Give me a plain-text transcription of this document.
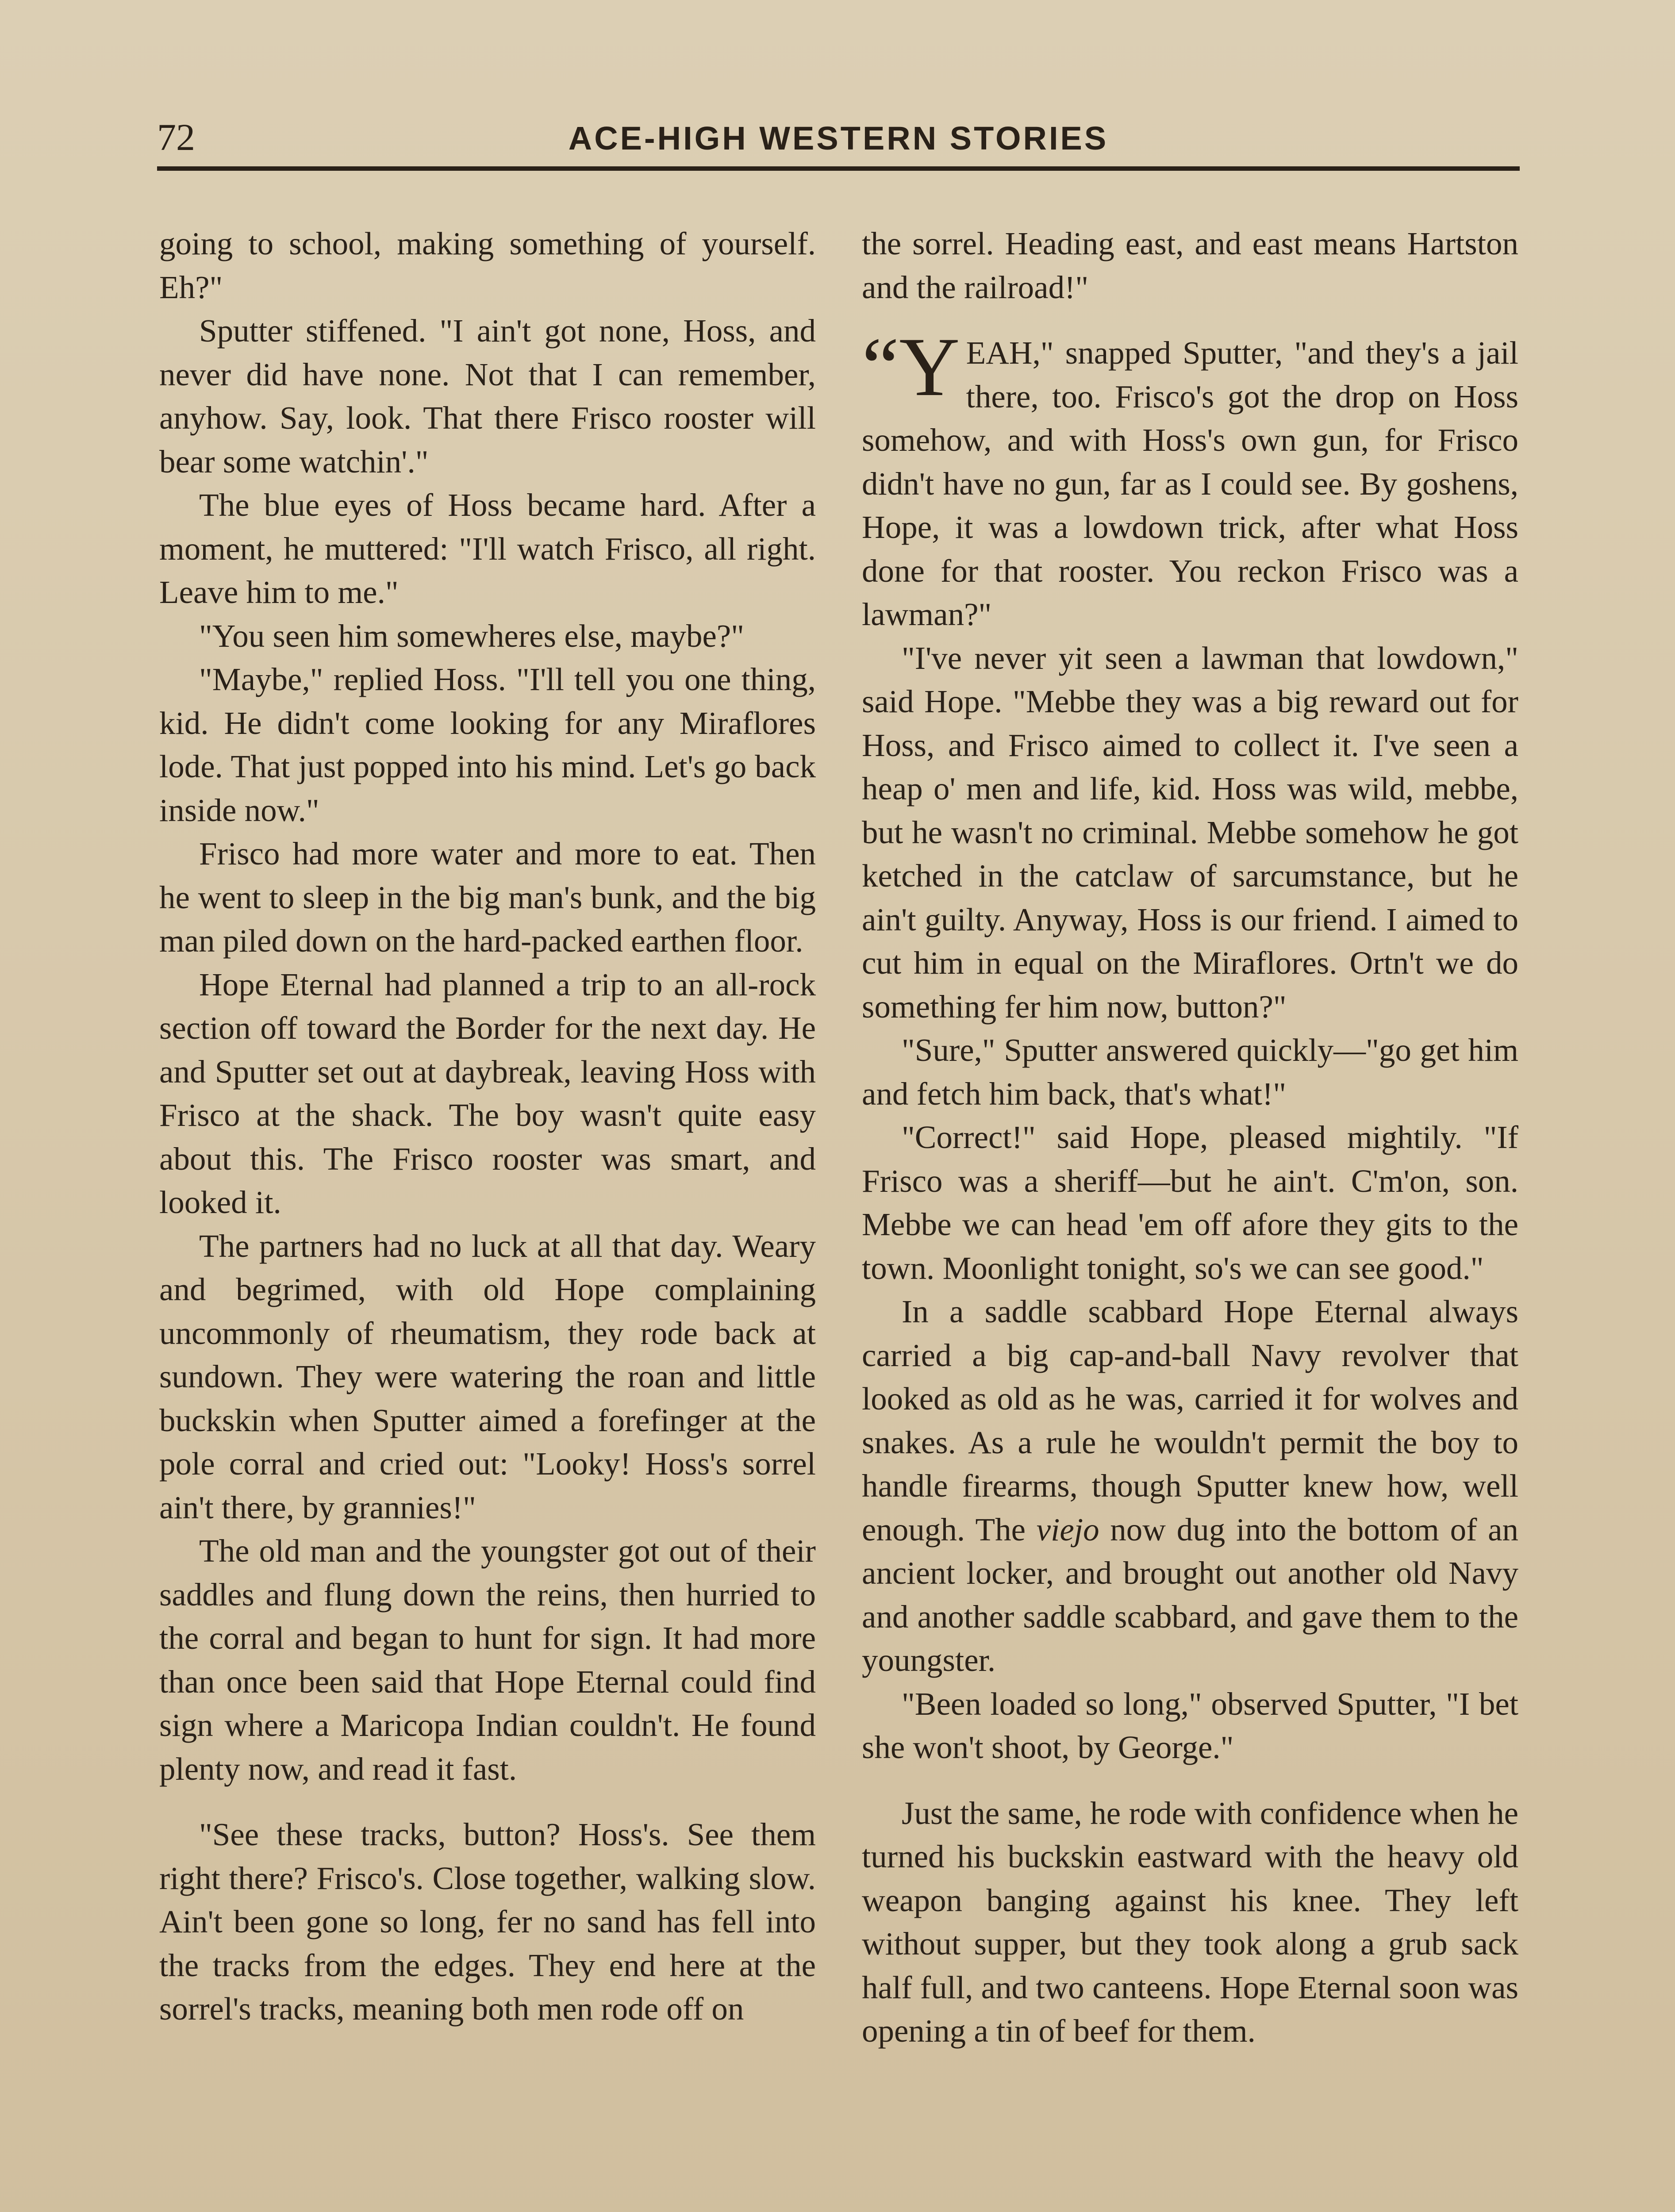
72	ACE-HIGH WESTERN STORIES

going to school, making something of yourself. Eh?"

Sputter stiffened. "I ain't got none, Hoss, and never did have none. Not that I can remember, anyhow. Say, look. That there Frisco rooster will bear some watchin'."

The blue eyes of Hoss became hard. After a moment, he muttered: "I'll watch Frisco, all right. Leave him to me."

"You seen him somewheres else, maybe?"

"Maybe," replied Hoss. "I'll tell you one thing, kid. He didn't come looking for any Miraflores lode. That just popped into his mind. Let's go back inside now."

Frisco had more water and more to eat. Then he went to sleep in the big man's bunk, and the big man piled down on the hard-packed earthen floor.

Hope Eternal had planned a trip to an all-rock section off toward the Border for the next day. He and Sputter set out at daybreak, leaving Hoss with Frisco at the shack. The boy wasn't quite easy about this. The Frisco rooster was smart, and looked it.

The partners had no luck at all that day. Weary and begrimed, with old Hope complaining uncommonly of rheumatism, they rode back at sundown. They were watering the roan and little buckskin when Sputter aimed a forefinger at the pole corral and cried out: "Looky! Hoss's sorrel ain't there, by grannies!"

The old man and the youngster got out of their saddles and flung down the reins, then hurried to the corral and began to hunt for sign. It had more than once been said that Hope Eternal could find sign where a Maricopa Indian couldn't. He found plenty now, and read it fast.

"See these tracks, button? Hoss's. See them right there? Frisco's. Close together, walking slow. Ain't been gone so long, fer no sand has fell into the tracks from the edges. They end here at the sorrel's tracks, meaning both men rode off on

the sorrel. Heading east, and east means Hartston and the railroad!"

“Y EAH," snapped Sputter, "and they's a jail there, too. Frisco's got the drop on Hoss somehow, and with Hoss's own gun, for Frisco didn't have no gun, far as I could see. By goshens, Hope, it was a lowdown trick, after what Hoss done for that rooster. You reckon Frisco was a lawman?"

"I've never yit seen a lawman that lowdown," said Hope. "Mebbe they was a big reward out for Hoss, and Frisco aimed to collect it. I've seen a heap o' men and life, kid. Hoss was wild, mebbe, but he wasn't no criminal. Mebbe somehow he got ketched in the catclaw of sarcumstance, but he ain't guilty. Anyway, Hoss is our friend. I aimed to cut him in equal on the Miraflores. Ortn't we do something fer him now, button?"

"Sure," Sputter answered quickly—"go get him and fetch him back, that's what!"

"Correct!" said Hope, pleased mightily. "If Frisco was a sheriff—but he ain't. C'm'on, son. Mebbe we can head 'em off afore they gits to the town. Moonlight tonight, so's we can see good."

In a saddle scabbard Hope Eternal always carried a big cap-and-ball Navy revolver that looked as old as he was, carried it for wolves and snakes. As a rule he wouldn't permit the boy to handle firearms, though Sputter knew how, well enough. The viejo now dug into the bottom of an ancient locker, and brought out another old Navy and another saddle scabbard, and gave them to the youngster.

"Been loaded so long," observed Sputter, "I bet she won't shoot, by George."

Just the same, he rode with confidence when he turned his buckskin eastward with the heavy old weapon banging against his knee. They left without supper, but they took along a grub sack half full, and two canteens. Hope Eternal soon was opening a tin of beef for them.
